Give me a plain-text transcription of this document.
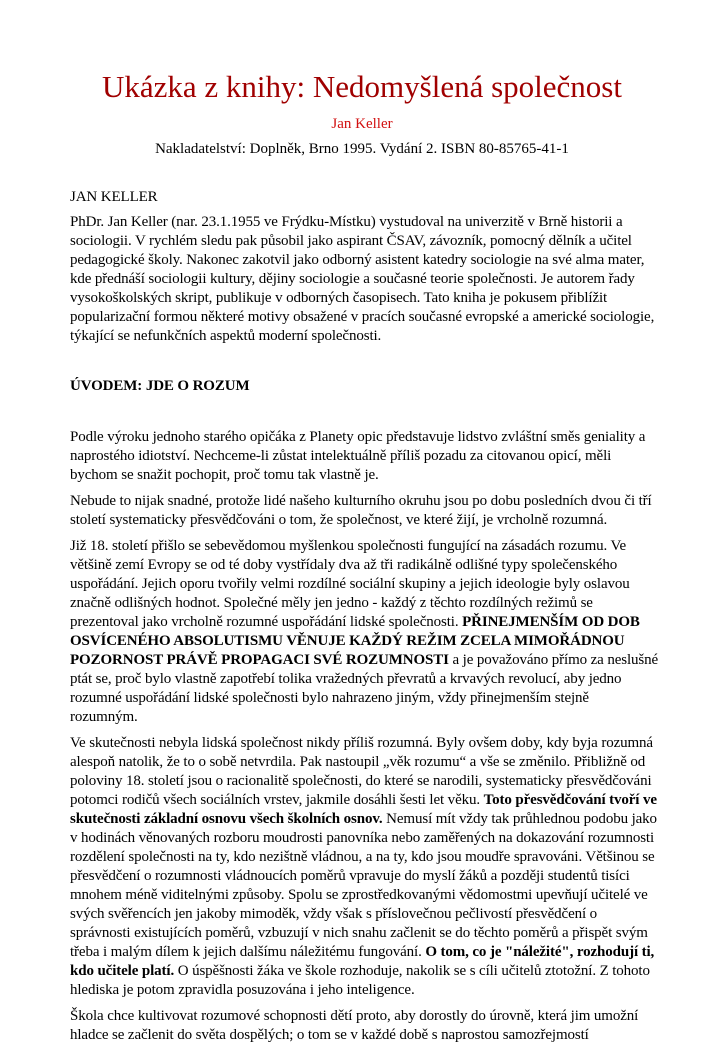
Ukázka z knihy: Nedomyšlená společnost
Jan Keller
Nakladatelství: Doplněk, Brno 1995. Vydání 2. ISBN 80-85765-41-1

JAN KELLER

PhDr. Jan Keller (nar. 23.1.1955 ve Frýdku-Místku) vystudoval na univerzitě v Brně historii a sociologii. V rychlém sledu pak působil jako aspirant ČSAV, závozník, pomocný dělník a učitel pedagogické školy. Nakonec zakotvil jako odborný asistent katedry sociologie na své alma mater, kde přednáší sociologii kultury, dějiny sociologie a současné teorie společnosti. Je autorem řady vysokoškolských skript, publikuje v odborných časopisech. Tato kniha je pokusem přiblížit popularizační formou některé motivy obsažené v pracích současné evropské a americké sociologie, týkající se nefunkčních aspektů moderní společnosti.

ÚVODEM: JDE O ROZUM

Podle výroku jednoho starého opičáka z Planety opic představuje lidstvo zvláštní směs geniality a naprostého idiotství. Nechceme-li zůstat intelektuálně příliš pozadu za citovanou opicí, měli bychom se snažit pochopit, proč tomu tak vlastně je.

Nebude to nijak snadné, protože lidé našeho kulturního okruhu jsou po dobu posledních dvou či tří století systematicky přesvědčováni o tom, že společnost, ve které žijí, je vrcholně rozumná.

Již 18. století přišlo se sebevědomou myšlenkou společnosti fungující na zásadách rozumu. Ve většině zemí Evropy se od té doby vystřídaly dva až tři radikálně odlišné typy společenského uspořádání. Jejich oporu tvořily velmi rozdílné sociální skupiny a jejich ideologie byly oslavou značně odlišných hodnot. Společné měly jen jedno - každý z těchto rozdílných režimů se prezentoval jako vrcholně rozumné uspořádání lidské společnosti. PŘINEJMENŠÍM OD DOB OSVÍCENÉHO ABSOLUTISMU VĚNUJE KAŽDÝ REŽIM ZCELA MIMOŘÁDNOU POZORNOST PRÁVĚ PROPAGACI SVÉ ROZUMNOSTI a je považováno přímo za neslušné ptát se, proč bylo vlastně zapotřebí tolika vražedných převratů a krvavých revolucí, aby jedno rozumné uspořádání lidské společnosti bylo nahrazeno jiným, vždy přinejmenším stejně rozumným.

Ve skutečnosti nebyla lidská společnost nikdy příliš rozumná. Byly ovšem doby, kdy byja rozumná alespoň natolik, že to o sobě netvrdila. Pak nastoupil „věk rozumu“ a vše se změnilo. Přibližně od poloviny 18. století jsou o racionalitě společnosti, do které se narodili, systematicky přesvědčováni potomci rodičů všech sociálních vrstev, jakmile dosáhli šesti let věku. Toto přesvědčování tvoří ve skutečnosti základní osnovu všech školních osnov. Nemusí mít vždy tak průhlednou podobu jako v hodinách věnovaných rozboru moudrosti panovníka nebo zaměřených na dokazování rozumnosti rozdělení společnosti na ty, kdo nezištně vládnou, a na ty, kdo jsou moudře spravováni. Většinou se přesvědčení o rozumnosti vládnoucích poměrů vpravuje do myslí žáků a později studentů tisíci mnohem méně viditelnými způsoby. Spolu se zprostředkovanými vědomostmi upevňují učitelé ve svých svěřencích jen jakoby mimoděk, vždy však s příslovečnou pečlivostí přesvědčení o správnosti existujících poměrů, vzbuzují v nich snahu začlenit se do těchto poměrů a přispět svým třeba i malým dílem k jejich dalšímu náležitému fungování. O tom, co je "náležité", rozhodují ti, kdo učitele platí. O úspěšnosti žáka ve škole rozhoduje, nakolik se s cíli učitelů ztotožní. Z tohoto hlediska je potom zpravidla posuzována i jeho inteligence.

Škola chce kultivovat rozumové schopnosti dětí proto, aby dorostly do úrovně, která jim umožní hladce se začlenit do světa dospělých; o tom se v každé době s naprostou samozřejmostí
